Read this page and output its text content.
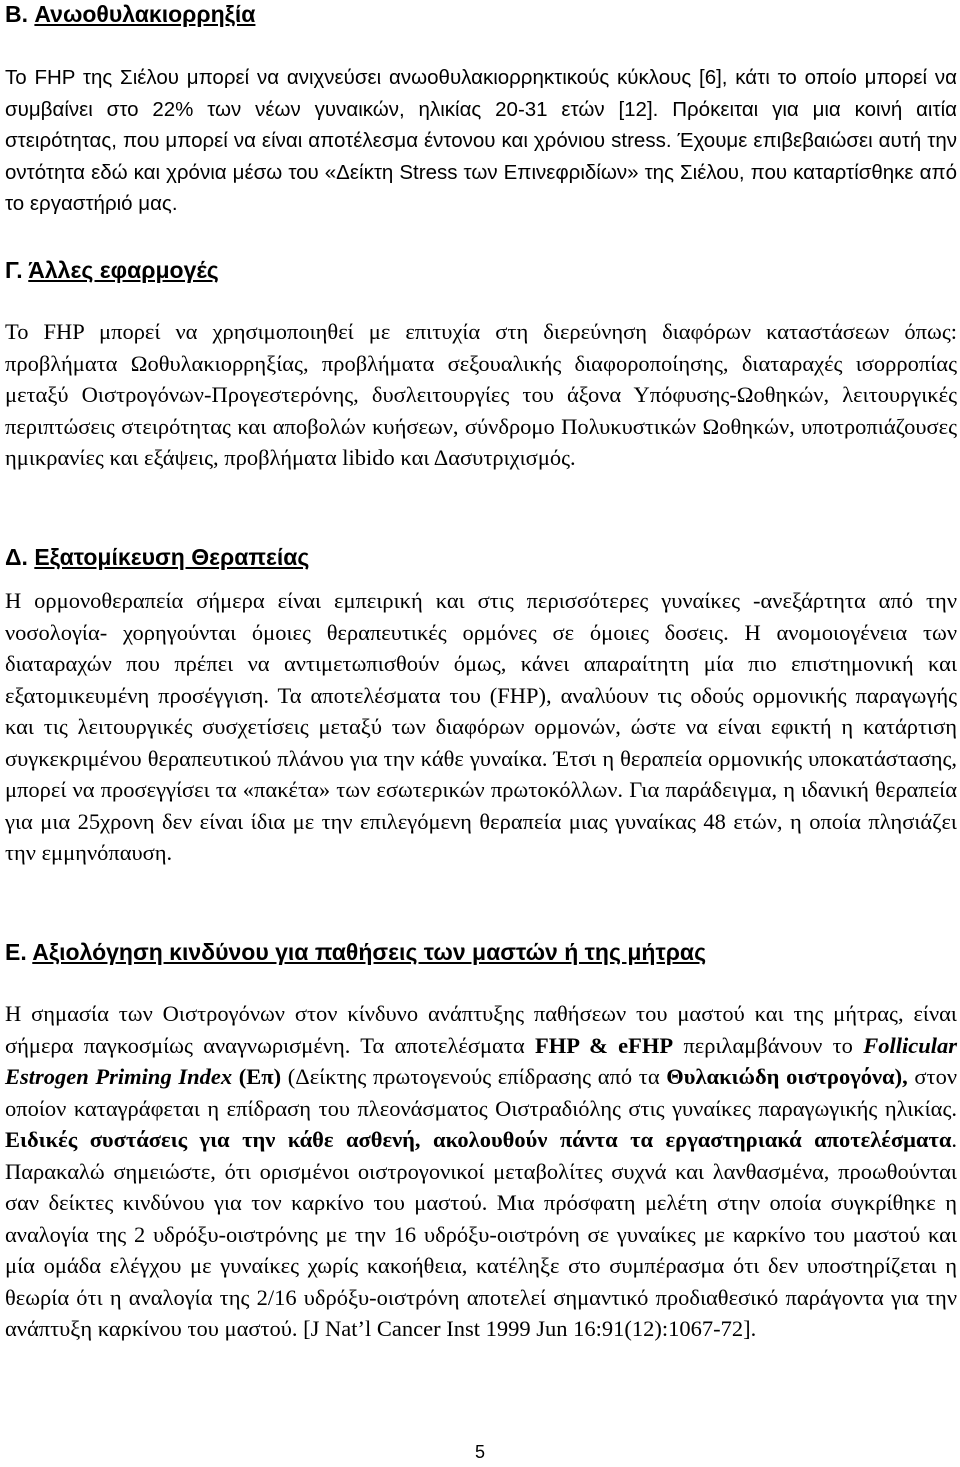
B. Ανωοθυλακιορρηξία
Το FHP της Σιέλου μπορεί να ανιχνεύσει ανωοθυλακιορρηκτικούς κύκλους [6], κάτι το οποίο μπορεί να συμβαίνει στο 22% των νέων γυναικών, ηλικίας 20-31 ετών [12]. Πρόκειται για μια κοινή αιτία στειρότητας, που μπορεί να είναι αποτέλεσμα έντονου και χρόνιου stress. Έχουμε επιβεβαιώσει αυτή την οντότητα εδώ και χρόνια μέσω του «Δείκτη Stress των Επινεφριδίων» της Σιέλου, που καταρτίσθηκε από το εργαστήριό μας.
Γ. Άλλες εφαρμογές
Το FHP μπορεί να χρησιμοποιηθεί με επιτυχία στη διερεύνηση διαφόρων καταστάσεων όπως: προβλήματα Ωοθυλακιορρηξίας, προβλήματα σεξουαλικής διαφοροποίησης, διαταραχές ισορροπίας μεταξύ Οιστρογόνων-Προγεστερόνης, δυσλειτουργίες του άξονα Υπόφυσης-Ωοθηκών, λειτουργικές περιπτώσεις στειρότητας και αποβολών κυήσεων, σύνδρομο Πολυκυστικών Ωοθηκών, υποτροπιάζουσες ημικρανίες και εξάψεις, προβλήματα libido και Δασυτριχισμός.
Δ. Εξατομίκευση Θεραπείας
Η ορμονοθεραπεία σήμερα είναι εμπειρική και στις περισσότερες γυναίκες -ανεξάρτητα από την νοσολογία- χορηγούνται όμοιες θεραπευτικές ορμόνες σε όμοιες δοσεις. Η ανομοιογένεια των διαταραχών που πρέπει να αντιμετωπισθούν όμως, κάνει απαραίτητη μία πιο επιστημονική και εξατομικευμένη προσέγγιση. Τα αποτελέσματα του (FHP), αναλύουν τις οδούς ορμονικής παραγωγής και τις λειτουργικές συσχετίσεις μεταξύ των διαφόρων ορμονών, ώστε να είναι εφικτή η κατάρτιση συγκεκριμένου θεραπευτικού πλάνου για την κάθε γυναίκα. Έτσι η θεραπεία ορμονικής υποκατάστασης, μπορεί να προσεγγίσει τα «πακέτα» των εσωτερικών πρωτοκόλλων. Για παράδειγμα, η ιδανική θεραπεία για μια 25χρονη δεν είναι ίδια με την επιλεγόμενη θεραπεία μιας γυναίκας 48 ετών, η οποία πλησιάζει την εμμηνόπαυση.
Ε. Αξιολόγηση κινδύνου για παθήσεις των μαστών ή της μήτρας
Η σημασία των Οιστρογόνων στον κίνδυνο ανάπτυξης παθήσεων του μαστού και της μήτρας, είναι σήμερα παγκοσμίως αναγνωρισμένη. Τα αποτελέσματα FHP & eFHP περιλαμβάνουν το Follicular Estrogen Priming Index (Επ) (Δείκτης πρωτογενούς επίδρασης από τα Θυλακιώδη οιστρογόνα), στον οποίον καταγράφεται η επίδραση του πλεονάσματος Οιστραδιόλης στις γυναίκες παραγωγικής ηλικίας. Ειδικές συστάσεις για την κάθε ασθενή, ακολουθούν πάντα τα εργαστηριακά αποτελέσματα. Παρακαλώ σημειώστε, ότι ορισμένοι οιστρογονικοί μεταβολίτες συχνά και λανθασμένα, προωθούνται σαν δείκτες κινδύνου για τον καρκίνο του μαστού. Μια πρόσφατη μελέτη στην οποία συγκρίθηκε η αναλογία της 2 υδρόξυ-οιστρόνης με την 16 υδρόξυ-οιστρόνη σε γυναίκες με καρκίνο του μαστού και μία ομάδα ελέγχου με γυναίκες χωρίς κακοήθεια, κατέληξε στο συμπέρασμα ότι δεν υποστηρίζεται η θεωρία ότι η αναλογία της 2/16 υδρόξυ-οιστρόνη αποτελεί σημαντικό προδιαθεσικό παράγοντα για την ανάπτυξη καρκίνου του μαστού. [J Nat’l Cancer Inst 1999 Jun 16:91(12):1067-72].
5
